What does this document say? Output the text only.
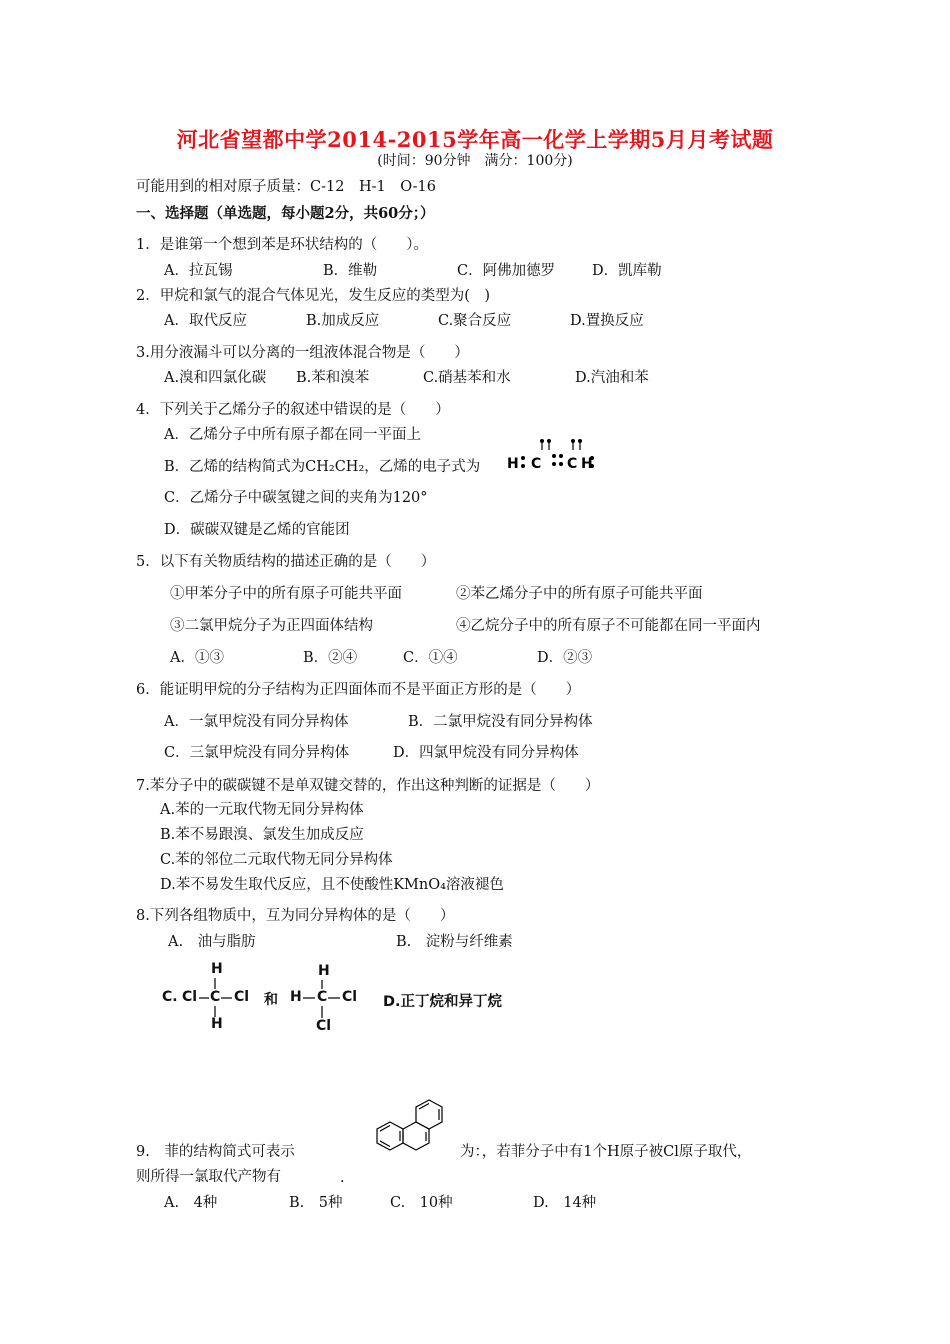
河北省望都中学2014-2015学年高一化学上学期5月月考试题
(时间：90分钟　满分：100分)
可能用到的相对原子质量：C-12　H-1　O-16
一、选择题（单选题，每小题2分，共60分；）
1．是谁第一个想到苯是环状结构的（　　）。
A．拉瓦锡	B．维勒	C．阿佛加德罗	D．凯库勒
2．甲烷和氯气的混合气体见光，发生反应的类型为(　)
A．取代反应	B.加成反应	C.聚合反应	D.置换反应
3.用分液漏斗可以分离的一组液体混合物是（　　）
A.溴和四氯化碳 B.苯和溴苯	C.硝基苯和水	D.汽油和苯
4．下列关于乙烯分子的叙述中错误的是（　　）
A．乙烯分子中所有原子都在同一平面上
B．乙烯的结构简式为CH₂CH₂，乙烯的电子式为 H C C H
C．乙烯分子中碳氢键之间的夹角为120°
D．碳碳双键是乙烯的官能团
5．以下有关物质结构的描述正确的是（　　）
①甲苯分子中的所有原子可能共平面	②苯乙烯分子中的所有原子可能共平面
③二氯甲烷分子为正四面体结构	④乙烷分子中的所有原子不可能都在同一平面内
A．①③	B．②④	C．①④	D．②③
6．能证明甲烷的分子结构为正四面体而不是平面正方形的是（　　）
A．一氯甲烷没有同分异构体	B．二氯甲烷没有同分异构体
C．三氯甲烷没有同分异构体	D．四氯甲烷没有同分异构体
7.苯分子中的碳碳键不是单双键交替的，作出这种判断的证据是（　　）
A.苯的一元取代物无同分异构体
B.苯不易跟溴、氯发生加成反应
C.苯的邻位二元取代物无同分异构体
D.苯不易发生取代反应，且不使酸性KMnO₄溶液褪色
8.下列各组物质中，互为同分异构体的是（　　）
A.　油与脂肪	B.　淀粉与纤维素
C. Cl C Cl
H
H
和 H C Cl
H
Cl
D.正丁烷和异丁烷
9.　菲的结构简式可表示	为：，若菲分子中有1个H原子被Cl原子取代，
则所得一氯取代产物有	.
A.　4种	B.　5种	C.　10种	D.　14种
